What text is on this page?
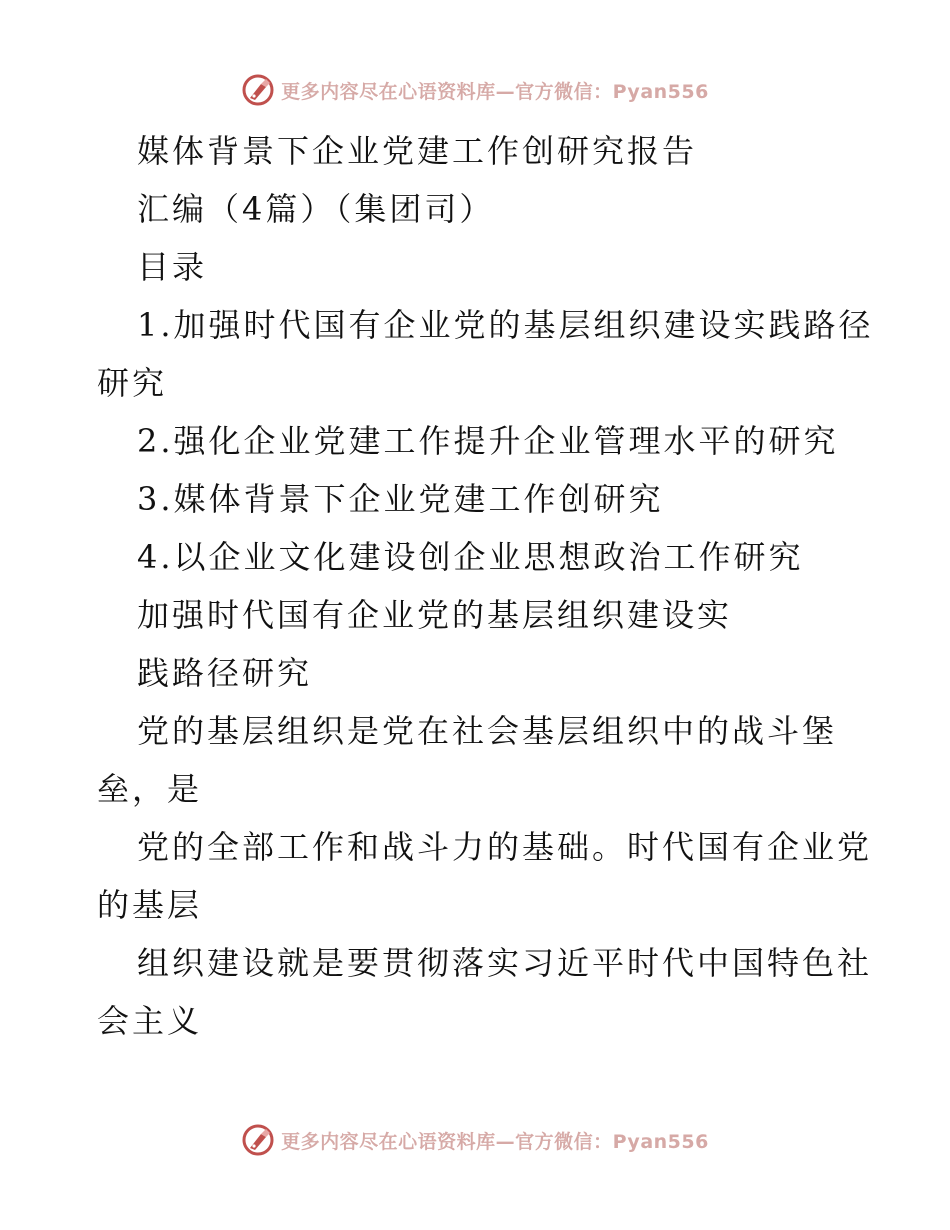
更多内容尽在心语资料库—官方微信：Pyan556
媒体背景下企业党建工作创研究报告
汇编（4篇）（集团司）
目录
1.加强时代国有企业党的基层组织建设实践路径
研究
2.强化企业党建工作提升企业管理水平的研究
3.媒体背景下企业党建工作创研究
4.以企业文化建设创企业思想政治工作研究
加强时代国有企业党的基层组织建设实
践路径研究
党的基层组织是党在社会基层组织中的战斗堡
垒，是
党的全部工作和战斗力的基础。时代国有企业党
的基层
组织建设就是要贯彻落实习近平时代中国特色社
会主义
更多内容尽在心语资料库—官方微信：Pyan556
